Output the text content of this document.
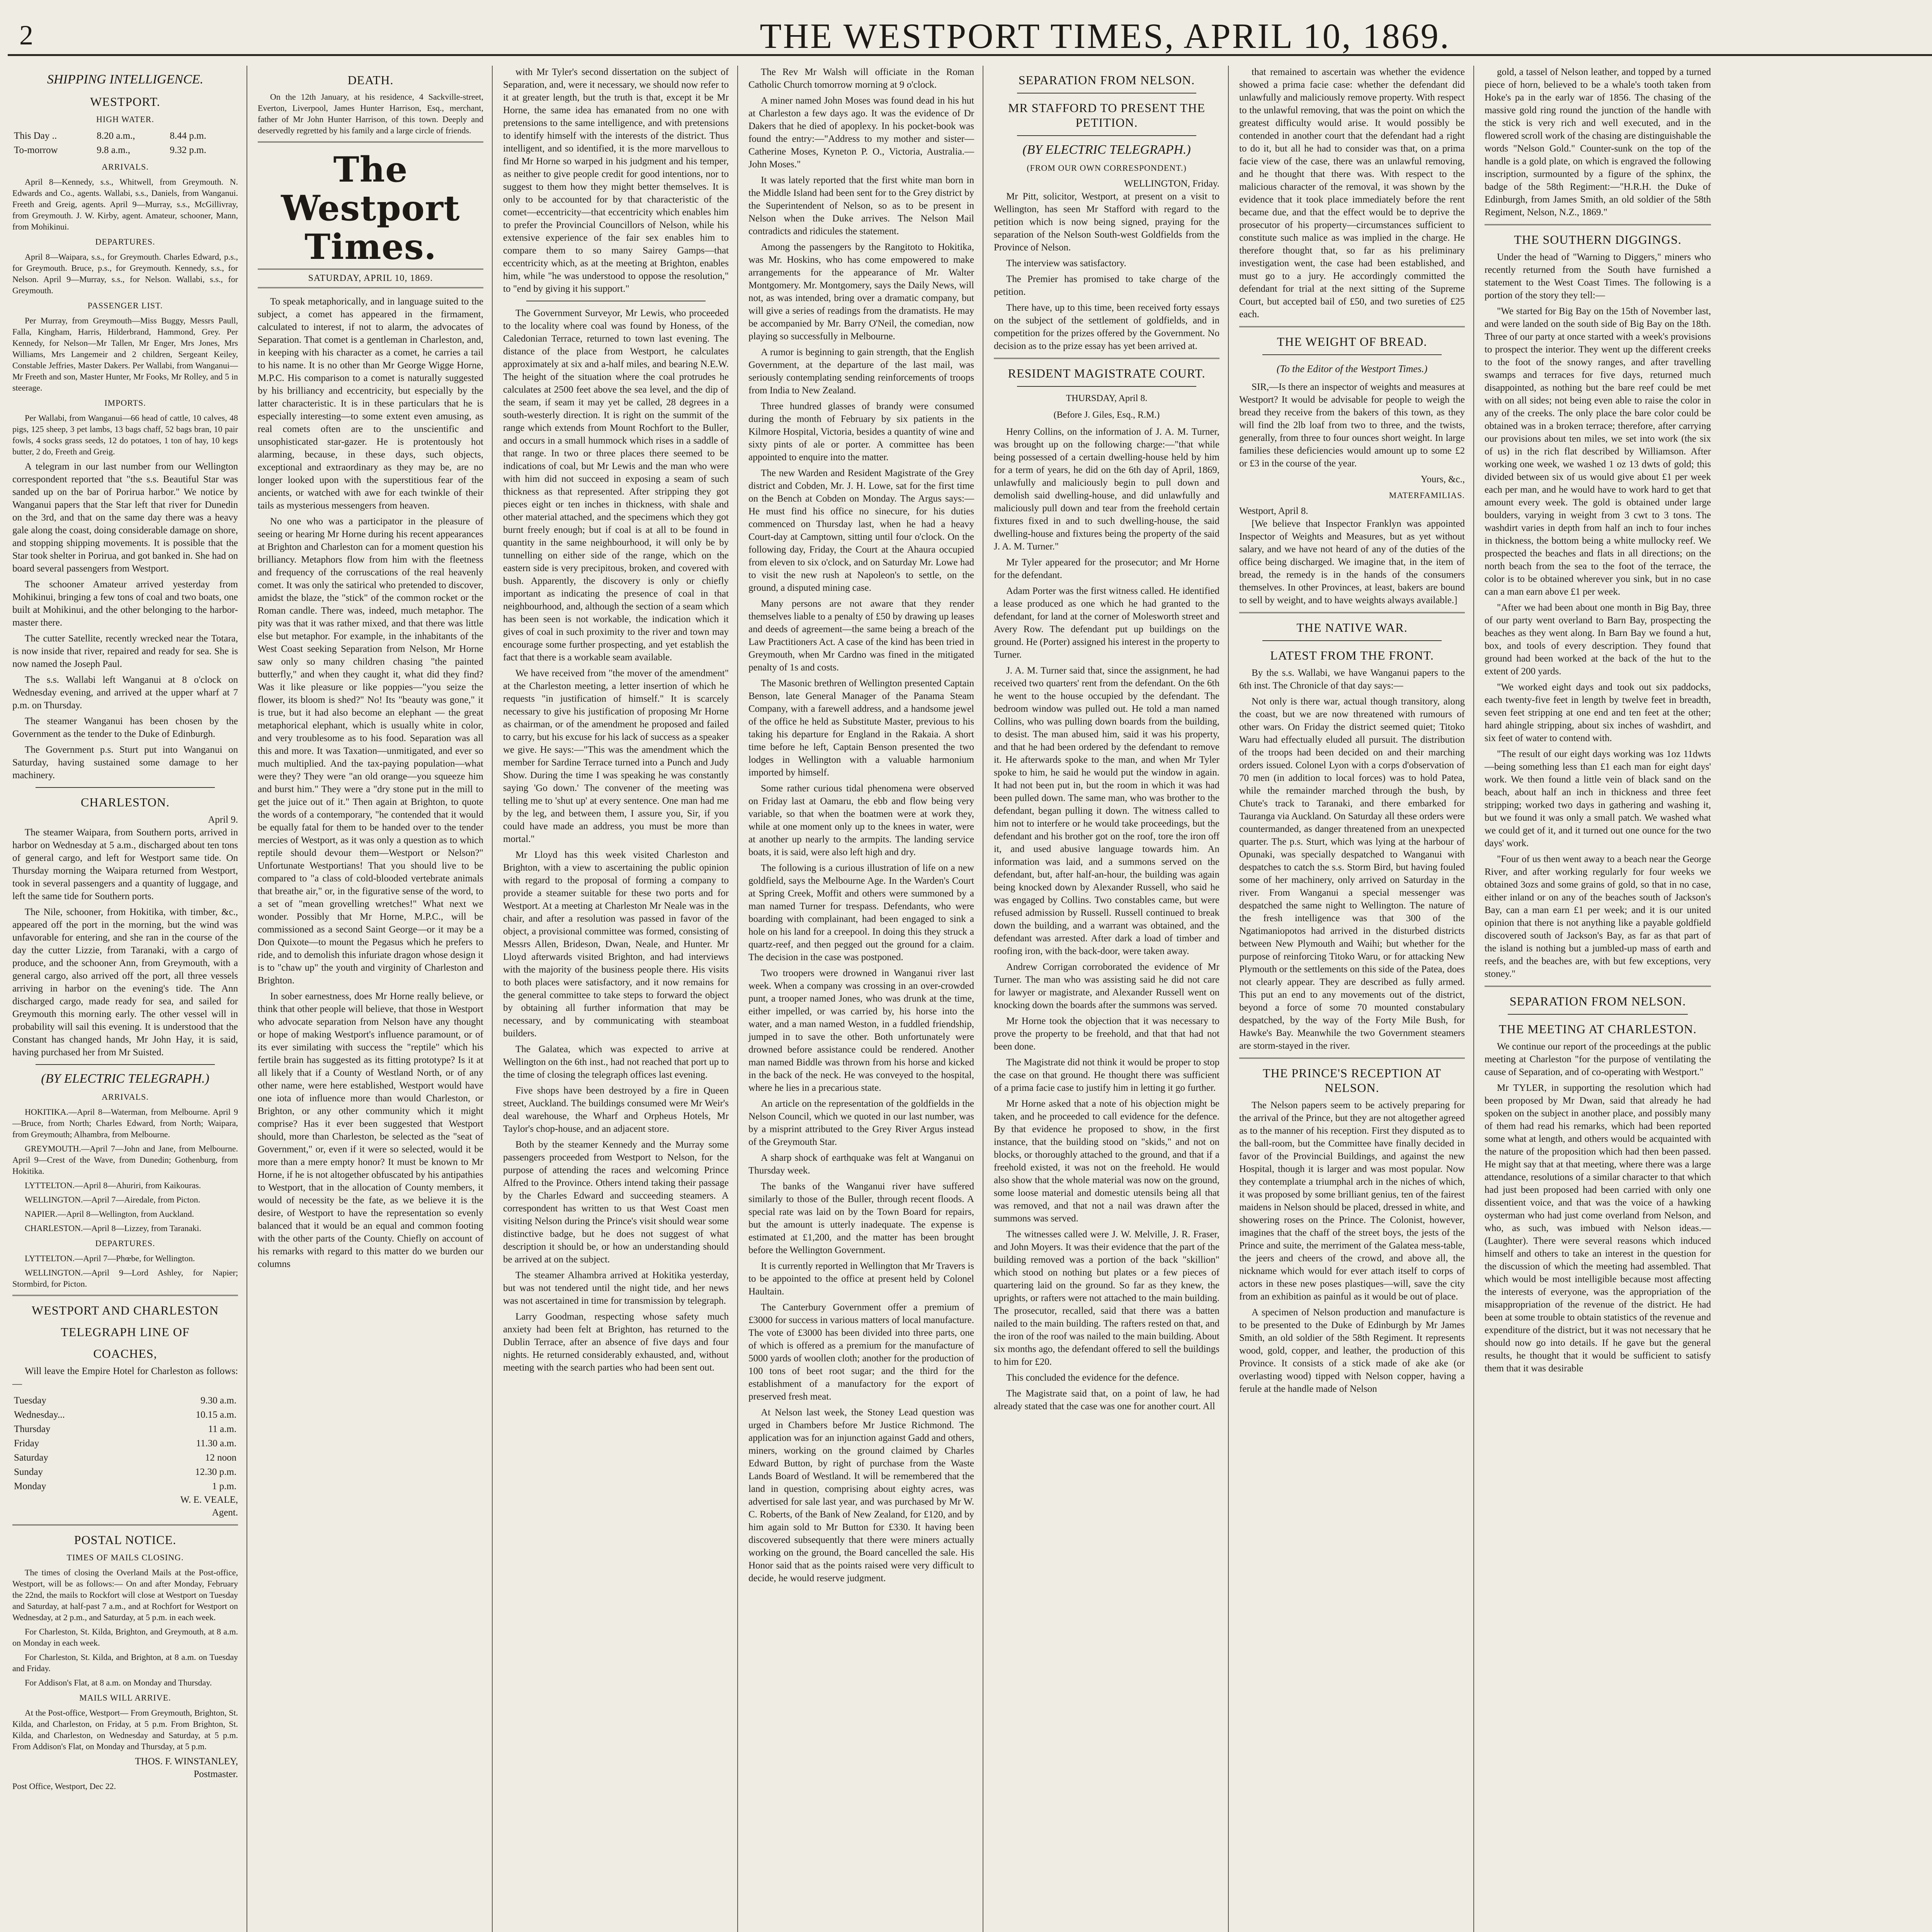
2	THE WESTPORT TIMES, APRIL 10, 1869.
SHIPPING INTELLIGENCE.
WESTPORT.
HIGH WATER.
This Day ..	8.20 a.m.,	8.44 p.m.
To-morrow	9.8 a.m.,	9.32 p.m.
ARRIVALS.

April 8—Kennedy, s.s., Whitwell, from Greymouth. N. Edwards and Co., agents. Wallabi, s.s., Daniels, from Wanganui. Freeth and Greig, agents. April 9—Murray, s.s., McGillivray, from Greymouth. J. W. Kirby, agent. Amateur, schooner, Mann, from Mohikinui.

DEPARTURES.

April 8—Waipara, s.s., for Greymouth. Charles Edward, p.s., for Greymouth. Bruce, p.s., for Greymouth. Kennedy, s.s., for Nelson. April 9—Murray, s.s., for Nelson. Wallabi, s.s., for Greymouth.

PASSENGER LIST.

Per Murray, from Greymouth—Miss Buggy, Messrs Paull, Falla, Kingham, Harris, Hilderbrand, Hammond, Grey. Per Kennedy, for Nelson—Mr Tallen, Mr Enger, Mrs Jones, Mrs Williams, Mrs Langemeir and 2 children, Sergeant Keiley, Constable Jeffries, Master Dakers. Per Wallabi, from Wanganui—Mr Freeth and son, Master Hunter, Mr Fooks, Mr Rolley, and 5 in steerage.

IMPORTS.

Per Wallabi, from Wanganui—66 head of cattle, 10 calves, 48 pigs, 125 sheep, 3 pet lambs, 13 bags chaff, 52 bags bran, 10 pair fowls, 4 socks grass seeds, 12 do potatoes, 1 ton of hay, 10 kegs butter, 2 do, Freeth and Greig.

A telegram in our last number from our Wellington correspondent reported that "the s.s. Beautiful Star was sanded up on the bar of Porirua harbor." We notice by Wanganui papers that the Star left that river for Dunedin on the 3rd, and that on the same day there was a heavy gale along the coast, doing considerable damage on shore, and stopping shipping movements. It is possible that the Star took shelter in Porirua, and got banked in. She had on board several passengers from Westport.

The schooner Amateur arrived yesterday from Mohikinui, bringing a few tons of coal and two boats, one built at Mohikinui, and the other belonging to the harbor-master there.

The cutter Satellite, recently wrecked near the Totara, is now inside that river, repaired and ready for sea. She is now named the Joseph Paul.

The s.s. Wallabi left Wanganui at 8 o'clock on Wednesday evening, and arrived at the upper wharf at 7 p.m. on Thursday.

The steamer Wanganui has been chosen by the Government as the tender to the Duke of Edinburgh.

The Government p.s. Sturt put into Wanganui on Saturday, having sustained some damage to her machinery.

CHARLESTON.
April 9.

The steamer Waipara, from Southern ports, arrived in harbor on Wednesday at 5 a.m., discharged about ten tons of general cargo, and left for Westport same tide. On Thursday morning the Waipara returned from Westport, took in several passengers and a quantity of luggage, and left the same tide for Southern ports.

The Nile, schooner, from Hokitika, with timber, &c., appeared off the port in the morning, but the wind was unfavorable for entering, and she ran in the course of the day the cutter Lizzie, from Taranaki, with a cargo of produce, and the schooner Ann, from Greymouth, with a general cargo, also arrived off the port, all three vessels arriving in harbor on the evening's tide. The Ann discharged cargo, made ready for sea, and sailed for Greymouth this morning early. The other vessel will in probability will sail this evening. It is understood that the Constant has changed hands, Mr John Hay, it is said, having purchased her from Mr Suisted.

(BY ELECTRIC TELEGRAPH.)
ARRIVALS.

HOKITIKA.—April 8—Waterman, from Melbourne. April 9—Bruce, from North; Charles Edward, from North; Waipara, from Greymouth; Alhambra, from Melbourne.

GREYMOUTH.—April 7—John and Jane, from Melbourne. April 9—Crest of the Wave, from Dunedin; Gothenburg, from Hokitika.

LYTTELTON.—April 8—Ahuriri, from Kaikouras.

WELLINGTON.—April 7—Airedale, from Picton.

NAPIER.—April 8—Wellington, from Auckland.

CHARLESTON.—April 8—Lizzey, from Taranaki.

DEPARTURES.

LYTTELTON.—April 7—Phœbe, for Wellington.

WELLINGTON.—April 9—Lord Ashley, for Napier; Stormbird, for Picton.

WESTPORT AND CHARLESTON
TELEGRAPH LINE OF
COACHES,

Will leave the Empire Hotel for Charleston as follows:—

Tuesday	9.30 a.m.
Wednesday...	10.15 a.m.
Thursday	11 a.m.
Friday	11.30 a.m.
Saturday	12 noon
Sunday	12.30 p.m.
Monday	1 p.m.
W. E. VEALE,
Agent.
POSTAL NOTICE.
TIMES OF MAILS CLOSING.

The times of closing the Overland Mails at the Post-office, Westport, will be as follows:— On and after Monday, February the 22nd, the mails to Rockfort will close at Westport on Tuesday and Saturday, at half-past 7 a.m., and at Rochfort for Westport on Wednesday, at 2 p.m., and Saturday, at 5 p.m. in each week.

For Charleston, St. Kilda, Brighton, and Greymouth, at 8 a.m. on Monday in each week.

For Charleston, St. Kilda, and Brighton, at 8 a.m. on Tuesday and Friday.

For Addison's Flat, at 8 a.m. on Monday and Thursday.

MAILS WILL ARRIVE.

At the Post-office, Westport— From Greymouth, Brighton, St. Kilda, and Charleston, on Friday, at 5 p.m. From Brighton, St. Kilda, and Charleston, on Wednesday and Saturday, at 5 p.m. From Addison's Flat, on Monday and Thursday, at 5 p.m.

THOS. F. WINSTANLEY,
Postmaster.
Post Office, Westport, Dec 22.
DEATH.

On the 12th January, at his residence, 4 Sackville-street, Everton, Liverpool, James Hunter Harrison, Esq., merchant, father of Mr John Hunter Harrison, of this town. Deeply and deservedly regretted by his family and a large circle of friends.

The Westport Times.
SATURDAY, APRIL 10, 1869.

To speak metaphorically, and in language suited to the subject, a comet has appeared in the firmament, calculated to interest, if not to alarm, the advocates of Separation. That comet is a gentleman in Charleston, and, in keeping with his character as a comet, he carries a tail to his name. It is no other than Mr George Wigge Horne, M.P.C. His comparison to a comet is naturally suggested by his brilliancy and eccentricity, but especially by the latter characteristic. It is in these particulars that he is especially interesting—to some extent even amusing, as real comets often are to the unscientific and unsophisticated star-gazer. He is protentously hot alarming, because, in these days, such objects, exceptional and extraordinary as they may be, are no longer looked upon with the superstitious fear of the ancients, or watched with awe for each twinkle of their tails as mysterious messengers from heaven.

No one who was a participator in the pleasure of seeing or hearing Mr Horne during his recent appearances at Brighton and Charleston can for a moment question his brilliancy. Metaphors flow from him with the fleetness and frequency of the corruscations of the real heavenly comet. It was only the satirical who pretended to discover, amidst the blaze, the "stick" of the common rocket or the Roman candle. There was, indeed, much metaphor. The pity was that it was rather mixed, and that there was little else but metaphor. For example, in the inhabitants of the West Coast seeking Separation from Nelson, Mr Horne saw only so many children chasing "the painted butterfly," and when they caught it, what did they find? Was it like pleasure or like poppies—"you seize the flower, its bloom is shed?" No! Its "beauty was gone," it is true, but it had also become an elephant — the great metaphorical elephant, which is usually white in color, and very troublesome as to his food. Separation was all this and more. It was Taxation—unmitigated, and ever so much multiplied. And the tax-paying population—what were they? They were "an old orange—you squeeze him and burst him." They were a "dry stone put in the mill to get the juice out of it." Then again at Brighton, to quote the words of a contemporary, "he contended that it would be equally fatal for them to be handed over to the tender mercies of Westport, as it was only a question as to which reptile should devour them—Westport or Nelson?" Unfortunate Westportians! That you should live to be compared to "a class of cold-blooded vertebrate animals that breathe air," or, in the figurative sense of the word, to a set of "mean grovelling wretches!" What next we wonder. Possibly that Mr Horne, M.P.C., will be commissioned as a second Saint George—or it may be a Don Quixote—to mount the Pegasus which he prefers to ride, and to demolish this infuriate dragon whose design it is to "chaw up" the youth and virginity of Charleston and Brighton.

In sober earnestness, does Mr Horne really believe, or think that other people will believe, that those in Westport who advocate separation from Nelson have any thought or hope of making Westport's influence paramount, or of its ever similating with success the "reptile" which his fertile brain has suggested as its fitting prototype? Is it at all likely that if a County of Westland North, or of any other name, were here established, Westport would have one iota of influence more than would Charleston, or Brighton, or any other community which it might comprise? Has it ever been suggested that Westport should, more than Charleston, be selected as the "seat of Government," or, even if it were so selected, would it be more than a mere empty honor? It must be known to Mr Horne, if he is not altogether obfuscated by his antipathies to Westport, that in the allocation of County members, it would of necessity be the fate, as we believe it is the desire, of Westport to have the representation so evenly balanced that it would be an equal and common footing with the other parts of the County. Chiefly on account of his remarks with regard to this matter do we burden our columns

with Mr Tyler's second dissertation on the subject of Separation, and, were it necessary, we should now refer to it at greater length, but the truth is that, except it be Mr Horne, the same idea has emanated from no one with pretensions to the same intelligence, and with pretensions to identify himself with the interests of the district. Thus intelligent, and so identified, it is the more marvellous to find Mr Horne so warped in his judgment and his temper, as neither to give people credit for good intentions, nor to suggest to them how they might better themselves. It is only to be accounted for by that characteristic of the comet—eccentricity—that eccentricity which enables him to prefer the Provincial Councillors of Nelson, while his extensive experience of the fair sex enables him to compare them to so many Sairey Gamps—that eccentricity which, as at the meeting at Brighton, enables him, while "he was understood to oppose the resolution," to "end by giving it his support."

The Government Surveyor, Mr Lewis, who proceeded to the locality where coal was found by Honess, of the Caledonian Terrace, returned to town last evening. The distance of the place from Westport, he calculates approximately at six and a-half miles, and bearing N.E.W. The height of the situation where the coal protrudes he calculates at 2500 feet above the sea level, and the dip of the seam, if seam it may yet be called, 28 degrees in a south-westerly direction. It is right on the summit of the range which extends from Mount Rochfort to the Buller, and occurs in a small hummock which rises in a saddle of that range. In two or three places there seemed to be indications of coal, but Mr Lewis and the man who were with him did not succeed in exposing a seam of such thickness as that represented. After stripping they got pieces eight or ten inches in thickness, with shale and other material attached, and the specimens which they got burnt freely enough; but if coal is at all to be found in quantity in the same neighbourhood, it will only be by tunnelling on either side of the range, which on the eastern side is very precipitous, broken, and covered with bush. Apparently, the discovery is only or chiefly important as indicating the presence of coal in that neighbourhood, and, although the section of a seam which has been seen is not workable, the indication which it gives of coal in such proximity to the river and town may encourage some further prospecting, and yet establish the fact that there is a workable seam available.

We have received from "the mover of the amendment" at the Charleston meeting, a letter insertion of which he requests "in justification of himself." It is scarcely necessary to give his justification of proposing Mr Horne as chairman, or of the amendment he proposed and failed to carry, but his excuse for his lack of success as a speaker we give. He says:—"This was the amendment which the member for Sardine Terrace turned into a Punch and Judy Show. During the time I was speaking he was constantly saying 'Go down.' The convener of the meeting was telling me to 'shut up' at every sentence. One man had me by the leg, and between them, I assure you, Sir, if you could have made an address, you must be more than mortal."

Mr Lloyd has this week visited Charleston and Brighton, with a view to ascertaining the public opinion with regard to the proposal of forming a company to provide a steamer suitable for these two ports and for Westport. At a meeting at Charleston Mr Neale was in the chair, and after a resolution was passed in favor of the object, a provisional committee was formed, consisting of Messrs Allen, Brideson, Dwan, Neale, and Hunter. Mr Lloyd afterwards visited Brighton, and had interviews with the majority of the business people there. His visits to both places were satisfactory, and it now remains for the general committee to take steps to forward the object by obtaining all further information that may be necessary, and by communicating with steamboat builders.

The Galatea, which was expected to arrive at Wellington on the 6th inst., had not reached that port up to the time of closing the telegraph offices last evening.

Five shops have been destroyed by a fire in Queen street, Auckland. The buildings consumed were Mr Weir's deal warehouse, the Wharf and Orpheus Hotels, Mr Taylor's chop-house, and an adjacent store.

Both by the steamer Kennedy and the Murray some passengers proceeded from Westport to Nelson, for the purpose of attending the races and welcoming Prince Alfred to the Province. Others intend taking their passage by the Charles Edward and succeeding steamers. A correspondent has written to us that West Coast men visiting Nelson during the Prince's visit should wear some distinctive badge, but he does not suggest of what description it should be, or how an understanding should be arrived at on the subject.

The steamer Alhambra arrived at Hokitika yesterday, but was not tendered until the night tide, and her news was not ascertained in time for transmission by telegraph.

Larry Goodman, respecting whose safety much anxiety had been felt at Brighton, has returned to the Dublin Terrace, after an absence of five days and four nights. He returned considerably exhausted, and, without meeting with the search parties who had been sent out.

The Rev Mr Walsh will officiate in the Roman Catholic Church tomorrow morning at 9 o'clock.

A miner named John Moses was found dead in his hut at Charleston a few days ago. It was the evidence of Dr Dakers that he died of apoplexy. In his pocket-book was found the entry:—"Address to my mother and sister—Catherine Moses, Kyneton P. O., Victoria, Australia.—John Moses."

It was lately reported that the first white man born in the Middle Island had been sent for to the Grey district by the Superintendent of Nelson, so as to be present in Nelson when the Duke arrives. The Nelson Mail contradicts and ridicules the statement.

Among the passengers by the Rangitoto to Hokitika, was Mr. Hoskins, who has come empowered to make arrangements for the appearance of Mr. Walter Montgomery. Mr. Montgomery, says the Daily News, will not, as was intended, bring over a dramatic company, but will give a series of readings from the dramatists. He may be accompanied by Mr. Barry O'Neil, the comedian, now playing so successfully in Melbourne.

A rumor is beginning to gain strength, that the English Government, at the departure of the last mail, was seriously contemplating sending reinforcements of troops from India to New Zealand.

Three hundred glasses of brandy were consumed during the month of February by six patients in the Kilmore Hospital, Victoria, besides a quantity of wine and sixty pints of ale or porter. A committee has been appointed to enquire into the matter.

The new Warden and Resident Magistrate of the Grey district and Cobden, Mr. J. H. Lowe, sat for the first time on the Bench at Cobden on Monday. The Argus says:—He must find his office no sinecure, for his duties commenced on Thursday last, when he had a heavy Court-day at Camptown, sitting until four o'clock. On the following day, Friday, the Court at the Ahaura occupied from eleven to six o'clock, and on Saturday Mr. Lowe had to visit the new rush at Napoleon's to settle, on the ground, a disputed mining case.

Many persons are not aware that they render themselves liable to a penalty of £50 by drawing up leases and deeds of agreement—the same being a breach of the Law Practitioners Act. A case of the kind has been tried in Greymouth, when Mr Cardno was fined in the mitigated penalty of 1s and costs.

The Masonic brethren of Wellington presented Captain Benson, late General Manager of the Panama Steam Company, with a farewell address, and a handsome jewel of the office he held as Substitute Master, previous to his taking his departure for England in the Rakaia. A short time before he left, Captain Benson presented the two lodges in Wellington with a valuable harmonium imported by himself.

Some rather curious tidal phenomena were observed on Friday last at Oamaru, the ebb and flow being very variable, so that when the boatmen were at work they, while at one moment only up to the knees in water, were at another up nearly to the armpits. The landing service boats, it is said, were also left high and dry.

The following is a curious illustration of life on a new goldfield, says the Melbourne Age. In the Warden's Court at Spring Creek, Moffit and others were summoned by a man named Turner for trespass. Defendants, who were boarding with complainant, had been engaged to sink a hole on his land for a creepool. In doing this they struck a quartz-reef, and then pegged out the ground for a claim. The decision in the case was postponed.

Two troopers were drowned in Wanganui river last week. When a company was crossing in an over-crowded punt, a trooper named Jones, who was drunk at the time, either impelled, or was carried by, his horse into the water, and a man named Weston, in a fuddled friendship, jumped in to save the other. Both unfortunately were drowned before assistance could be rendered. Another man named Biddle was thrown from his horse and kicked in the back of the neck. He was conveyed to the hospital, where he lies in a precarious state.

An article on the representation of the goldfields in the Nelson Council, which we quoted in our last number, was by a misprint attributed to the Grey River Argus instead of the Greymouth Star.

A sharp shock of earthquake was felt at Wanganui on Thursday week.

The banks of the Wanganui river have suffered similarly to those of the Buller, through recent floods. A special rate was laid on by the Town Board for repairs, but the amount is utterly inadequate. The expense is estimated at £1,200, and the matter has been brought before the Wellington Government.

It is currently reported in Wellington that Mr Travers is to be appointed to the office at present held by Colonel Haultain.

The Canterbury Government offer a premium of £3000 for success in various matters of local manufacture. The vote of £3000 has been divided into three parts, one of which is offered as a premium for the manufacture of 5000 yards of woollen cloth; another for the production of 100 tons of beet root sugar; and the third for the establishment of a manufactory for the export of preserved fresh meat.

At Nelson last week, the Stoney Lead question was urged in Chambers before Mr Justice Richmond. The application was for an injunction against Gadd and others, miners, working on the ground claimed by Charles Edward Button, by right of purchase from the Waste Lands Board of Westland. It will be remembered that the land in question, comprising about eighty acres, was advertised for sale last year, and was purchased by Mr W. C. Roberts, of the Bank of New Zealand, for £120, and by him again sold to Mr Button for £330. It having been discovered subsequently that there were miners actually working on the ground, the Board cancelled the sale. His Honor said that as the points raised were very difficult to decide, he would reserve judgment.

SEPARATION FROM NELSON.
MR STAFFORD TO PRESENT THE PETITION.
(BY ELECTRIC TELEGRAPH.)
(FROM OUR OWN CORRESPONDENT.)
WELLINGTON, Friday.

Mr Pitt, solicitor, Westport, at present on a visit to Wellington, has seen Mr Stafford with regard to the petition which is now being signed, praying for the separation of the Nelson South-west Goldfields from the Province of Nelson.

The interview was satisfactory.

The Premier has promised to take charge of the petition.

There have, up to this time, been received forty essays on the subject of the settlement of goldfields, and in competition for the prizes offered by the Government. No decision as to the prize essay has yet been arrived at.

RESIDENT MAGISTRATE COURT.
THURSDAY, April 8.
(Before J. Giles, Esq., R.M.)

Henry Collins, on the information of J. A. M. Turner, was brought up on the following charge:—"that while being possessed of a certain dwelling-house held by him for a term of years, he did on the 6th day of April, 1869, unlawfully and maliciously begin to pull down and demolish said dwelling-house, and did unlawfully and maliciously pull down and tear from the freehold certain fixtures fixed in and to such dwelling-house, the said dwelling-house and fixtures being the property of the said J. A. M. Turner."

Mr Tyler appeared for the prosecutor; and Mr Horne for the defendant.

Adam Porter was the first witness called. He identified a lease produced as one which he had granted to the defendant, for land at the corner of Molesworth street and Avery Row. The defendant put up buildings on the ground. He (Porter) assigned his interest in the property to Turner.

J. A. M. Turner said that, since the assignment, he had received two quarters' rent from the defendant. On the 6th he went to the house occupied by the defendant. The bedroom window was pulled out. He told a man named Collins, who was pulling down boards from the building, to desist. The man abused him, said it was his property, and that he had been ordered by the defendant to remove it. He afterwards spoke to the man, and when Mr Tyler spoke to him, he said he would put the window in again. It had not been put in, but the room in which it was had been pulled down. The same man, who was brother to the defendant, began pulling it down. The witness called to him not to interfere or he would take proceedings, but the defendant and his brother got on the roof, tore the iron off it, and used abusive language towards him. An information was laid, and a summons served on the defendant, but, after half-an-hour, the building was again being knocked down by Alexander Russell, who said he was engaged by Collins. Two constables came, but were refused admission by Russell. Russell continued to break down the building, and a warrant was obtained, and the defendant was arrested. After dark a load of timber and roofing iron, with the back-door, were taken away.

Andrew Corrigan corroborated the evidence of Mr Turner. The man who was assisting said he did not care for lawyer or magistrate, and Alexander Russell went on knocking down the boards after the summons was served.

Mr Horne took the objection that it was necessary to prove the property to be freehold, and that that had not been done.

The Magistrate did not think it would be proper to stop the case on that ground. He thought there was sufficient of a prima facie case to justify him in letting it go further.

Mr Horne asked that a note of his objection might be taken, and he proceeded to call evidence for the defence. By that evidence he proposed to show, in the first instance, that the building stood on "skids," and not on blocks, or thoroughly attached to the ground, and that if a freehold existed, it was not on the freehold. He would also show that the whole material was now on the ground, some loose material and domestic utensils being all that was removed, and that not a nail was drawn after the summons was served.

The witnesses called were J. W. Melville, J. R. Fraser, and John Moyers. It was their evidence that the part of the building removed was a portion of the back "skillion" which stood on nothing but plates or a few pieces of quartering laid on the ground. So far as they knew, the uprights, or rafters were not attached to the main building. The prosecutor, recalled, said that there was a batten nailed to the main building. The rafters rested on that, and the iron of the roof was nailed to the main building. About six months ago, the defendant offered to sell the buildings to him for £20.

This concluded the evidence for the defence.

The Magistrate said that, on a point of law, he had already stated that the case was one for another court. All

that remained to ascertain was whether the evidence showed a prima facie case: whether the defendant did unlawfully and maliciously remove property. With respect to the unlawful removing, that was the point on which the greatest difficulty would arise. It would possibly be contended in another court that the defendant had a right to do it, but all he had to consider was that, on a prima facie view of the case, there was an unlawful removing, and he thought that there was. With respect to the malicious character of the removal, it was shown by the evidence that it took place immediately before the rent became due, and that the effect would be to deprive the prosecutor of his property—circumstances sufficient to constitute such malice as was implied in the charge. He therefore thought that, so far as his preliminary investigation went, the case had been established, and must go to a jury. He accordingly committed the defendant for trial at the next sitting of the Supreme Court, but accepted bail of £50, and two sureties of £25 each.

THE WEIGHT OF BREAD.
(To the Editor of the Westport Times.)

SIR,—Is there an inspector of weights and measures at Westport? It would be advisable for people to weigh the bread they receive from the bakers of this town, as they will find the 2lb loaf from two to three, and the twists, generally, from three to four ounces short weight. In large families these deficiencies would amount up to some £2 or £3 in the course of the year.

Yours, &c.,
MATERFAMILIAS.
Westport, April 8.

[We believe that Inspector Franklyn was appointed Inspector of Weights and Measures, but as yet without salary, and we have not heard of any of the duties of the office being discharged. We imagine that, in the item of bread, the remedy is in the hands of the consumers themselves. In other Provinces, at least, bakers are bound to sell by weight, and to have weights always available.]

THE NATIVE WAR.
LATEST FROM THE FRONT.

By the s.s. Wallabi, we have Wanganui papers to the 6th inst. The Chronicle of that day says:—

Not only is there war, actual though transitory, along the coast, but we are now threatened with rumours of other wars. On Friday the district seemed quiet; Titoko Waru had effectually eluded all pursuit. The distribution of the troops had been decided on and their marching orders issued. Colonel Lyon with a corps d'observation of 70 men (in addition to local forces) was to hold Patea, while the remainder marched through the bush, by Chute's track to Taranaki, and there embarked for Tauranga via Auckland. On Saturday all these orders were countermanded, as danger threatened from an unexpected quarter. The p.s. Sturt, which was lying at the harbour of Opunaki, was specially despatched to Wanganui with despatches to catch the s.s. Storm Bird, but having fouled some of her machinery, only arrived on Saturday in the river. From Wanganui a special messenger was despatched the same night to Wellington. The nature of the fresh intelligence was that 300 of the Ngatimaniopotos had arrived in the disturbed districts between New Plymouth and Waihi; but whether for the purpose of reinforcing Titoko Waru, or for attacking New Plymouth or the settlements on this side of the Patea, does not clearly appear. They are described as fully armed. This put an end to any movements out of the district, beyond a force of some 70 mounted constabulary despatched, by the way of the Forty Mile Bush, for Hawke's Bay. Meanwhile the two Government steamers are storm-stayed in the river.

THE PRINCE'S RECEPTION AT NELSON.

The Nelson papers seem to be actively preparing for the arrival of the Prince, but they are not altogether agreed as to the manner of his reception. First they disputed as to the ball-room, but the Committee have finally decided in favor of the Provincial Buildings, and against the new Hospital, though it is larger and was most popular. Now they contemplate a triumphal arch in the niches of which, it was proposed by some brilliant genius, ten of the fairest maidens in Nelson should be placed, dressed in white, and showering roses on the Prince. The Colonist, however, imagines that the chaff of the street boys, the jests of the Prince and suite, the merriment of the Galatea mess-table, the jeers and cheers of the crowd, and above all, the nickname which would for ever attach itself to corps of actors in these new poses plastiques—will, save the city from an exhibition as painful as it would be out of place.

A specimen of Nelson production and manufacture is to be presented to the Duke of Edinburgh by Mr James Smith, an old soldier of the 58th Regiment. It represents wood, gold, copper, and leather, the production of this Province. It consists of a stick made of ake ake (or overlasting wood) tipped with Nelson copper, having a ferule at the handle made of Nelson

gold, a tassel of Nelson leather, and topped by a turned piece of horn, believed to be a whale's tooth taken from Hoke's pa in the early war of 1856. The chasing of the massive gold ring round the junction of the handle with the stick is very rich and well executed, and in the flowered scroll work of the chasing are distinguishable the words "Nelson Gold." Counter-sunk on the top of the handle is a gold plate, on which is engraved the following inscription, surmounted by a figure of the sphinx, the badge of the 58th Regiment:—"H.R.H. the Duke of Edinburgh, from James Smith, an old soldier of the 58th Regiment, Nelson, N.Z., 1869."

THE SOUTHERN DIGGINGS.

Under the head of "Warning to Diggers," miners who recently returned from the South have furnished a statement to the West Coast Times. The following is a portion of the story they tell:—

"We started for Big Bay on the 15th of November last, and were landed on the south side of Big Bay on the 18th. Three of our party at once started with a week's provisions to prospect the interior. They went up the different creeks to the foot of the snowy ranges, and after travelling swamps and terraces for five days, returned much disappointed, as nothing but the bare reef could be met with on all sides; not being even able to raise the color in any of the creeks. The only place the bare color could be obtained was in a broken terrace; therefore, after carrying our provisions about ten miles, we set into work (the six of us) in the rich flat described by Williamson. After working one week, we washed 1 oz 13 dwts of gold; this divided between six of us would give about £1 per week each per man, and he would have to work hard to get that amount every week. The gold is obtained under large boulders, varying in weight from 3 cwt to 3 tons. The washdirt varies in depth from half an inch to four inches in thickness, the bottom being a white mullocky reef. We prospected the beaches and flats in all directions; on the north beach from the sea to the foot of the terrace, the color is to be obtained wherever you sink, but in no case can a man earn above £1 per week.

"After we had been about one month in Big Bay, three of our party went overland to Barn Bay, prospecting the beaches as they went along. In Barn Bay we found a hut, box, and tools of every description. They found that ground had been worked at the back of the hut to the extent of 200 yards.

"We worked eight days and took out six paddocks, each twenty-five feet in length by twelve feet in breadth, seven feet stripping at one end and ten feet at the other; hard ahingle stripping, about six inches of washdirt, and six feet of water to contend with.

"The result of our eight days working was 1oz 11dwts—being something less than £1 each man for eight days' work. We then found a little vein of black sand on the beach, about half an inch in thickness and three feet stripping; worked two days in gathering and washing it, but we found it was only a small patch. We washed what we could get of it, and it turned out one ounce for the two days' work.

"Four of us then went away to a beach near the George River, and after working regularly for four weeks we obtained 3ozs and some grains of gold, so that in no case, either inland or on any of the beaches south of Jackson's Bay, can a man earn £1 per week; and it is our united opinion that there is not anything like a payable goldfield discovered south of Jackson's Bay, as far as that part of the island is nothing but a jumbled-up mass of earth and reefs, and the beaches are, with but few exceptions, very stoney."

SEPARATION FROM NELSON.
THE MEETING AT CHARLESTON.

We continue our report of the proceedings at the public meeting at Charleston "for the purpose of ventilating the cause of Separation, and of co-operating with Westport."

Mr TYLER, in supporting the resolution which had been proposed by Mr Dwan, said that already he had spoken on the subject in another place, and possibly many of them had read his remarks, which had been reported some what at length, and others would be acquainted with the nature of the proposition which had then been passed. He might say that at that meeting, where there was a large attendance, resolutions of a similar character to that which had just been proposed had been carried with only one dissentient voice, and that was the voice of a hawking oysterman who had just come overland from Nelson, and who, as such, was imbued with Nelson ideas.—(Laughter). There were several reasons which induced himself and others to take an interest in the question for the discussion of which the meeting had assembled. That which would be most intelligible because most affecting the interests of everyone, was the appropriation of the misappropriation of the revenue of the district. He had been at some trouble to obtain statistics of the revenue and expenditure of the district, but it was not necessary that he should now go into details. If he gave but the general results, he thought that it would be sufficient to satisfy them that it was desirable
